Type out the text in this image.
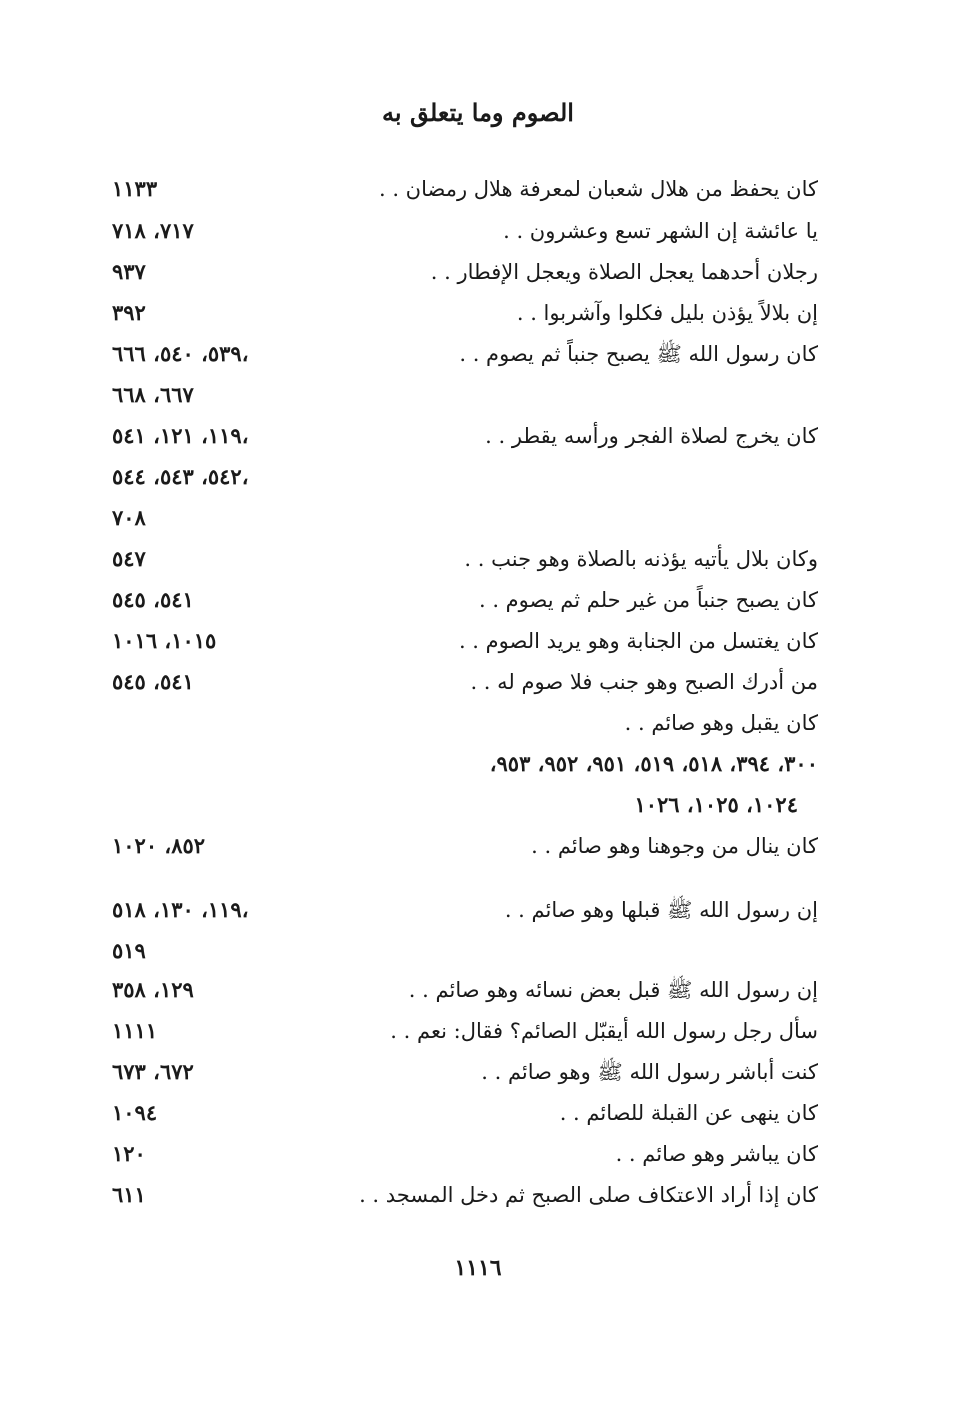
الصوم وما يتعلق به
كان يحفظ من هلال شعبان لمعرفة هلال رمضان . .
١١٣٣
يا عائشة إن الشهر تسع وعشرون . .
٧١٧، ٧١٨
رجلان أحدهما يعجل الصلاة ويعجل الإفطار . .
٩٣٧
إن بلالاً يؤذن بليل فكلوا وآشربوا . .
٣٩٢
كان رسول الله ﷺ يصبح جنباً ثم يصوم . .
٥٣٩، ٥٤٠، ٦٦٦،
٦٦٧، ٦٦٨
كان يخرج لصلاة الفجر ورأسه يقطر . .
١١٩، ١٢١، ٥٤١،
٥٤٢، ٥٤٣، ٥٤٤،
٧٠٨
وكان بلال يأتيه يؤذنه بالصلاة وهو جنب . .
٥٤٧
كان يصبح جنباً من غير حلم ثم يصوم . .
٥٤١، ٥٤٥
كان يغتسل من الجنابة وهو يريد الصوم . .
١٠١٥، ١٠١٦
من أدرك الصبح وهو جنب فلا صوم له . .
٥٤١، ٥٤٥
كان يقبل وهو صائم . .
٣٠٠، ٣٩٤، ٥١٨، ٥١٩، ٩٥١، ٩٥٢، ٩٥٣،
١٠٢٤، ١٠٢٥، ١٠٢٦
كان ينال من وجوهنا وهو صائم . .
٨٥٢، ١٠٢٠
إن رسول الله ﷺ قبلها وهو صائم . .
١١٩، ١٣٠، ٥١٨،
٥١٩
إن رسول الله ﷺ قبل بعض نسائه وهو صائم . .
١٢٩، ٣٥٨
سأل رجل رسول الله أيقبّل الصائم؟ فقال: نعم . .
١١١١
كنت أباشر رسول الله ﷺ وهو صائم . .
٦٧٢، ٦٧٣
كان ينهى عن القبلة للصائم . .
١٠٩٤
كان يباشر وهو صائم . .
١٢٠
كان إذا أراد الاعتكاف صلى الصبح ثم دخل المسجد . .
٦١١
١١١٦
